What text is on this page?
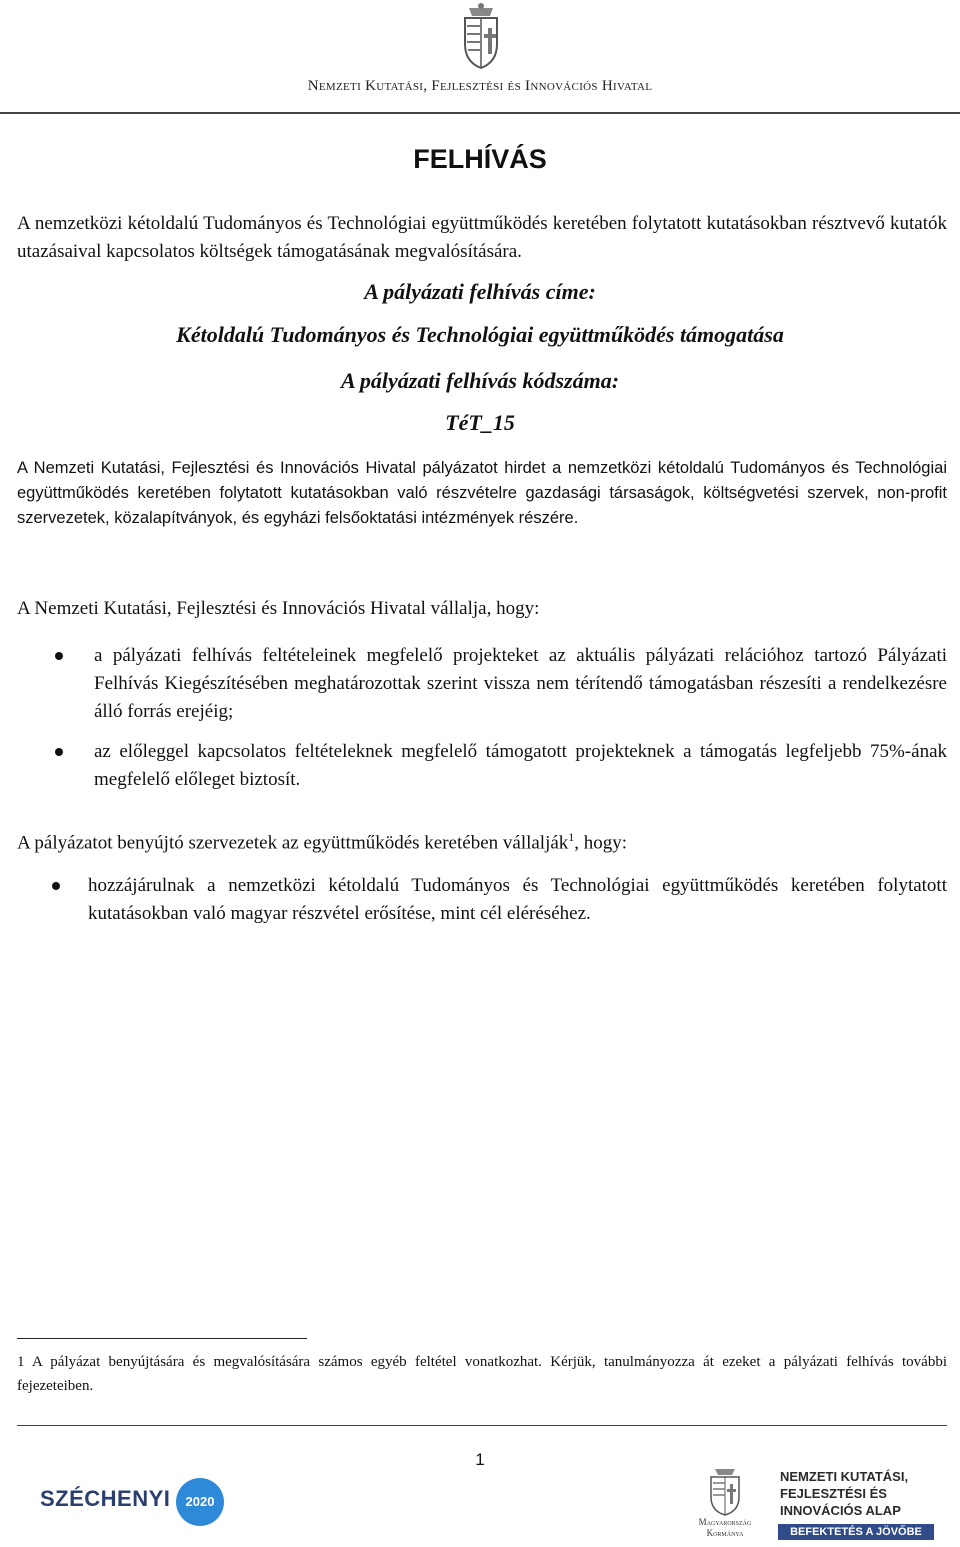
Nemzeti Kutatási, Fejlesztési és Innovációs Hivatal
FELHÍVÁS
A nemzetközi kétoldalú Tudományos és Technológiai együttműködés keretében folytatott kutatásokban résztvevő kutatók utazásaival kapcsolatos költségek támogatásának megvalósítására.
A pályázati felhívás címe:
Kétoldalú Tudományos és Technológiai együttműködés támogatása
A pályázati felhívás kódszáma:
TéT_15
A Nemzeti Kutatási, Fejlesztési és Innovációs Hivatal pályázatot hirdet a nemzetközi kétoldalú Tudományos és Technológiai együttműködés keretében folytatott kutatásokban való részvételre gazdasági társaságok, költségvetési szervek, non-profit szervezetek, közalapítványok, és egyházi felsőoktatási intézmények részére.
A Nemzeti Kutatási, Fejlesztési és Innovációs Hivatal vállalja, hogy:
a pályázati felhívás feltételeinek megfelelő projekteket az aktuális pályázati relációhoz tartozó Pályázati Felhívás Kiegészítésében meghatározottak szerint vissza nem térítendő támogatásban részesíti a rendelkezésre álló forrás erejéig;
az előleggel kapcsolatos feltételeknek megfelelő támogatott projekteknek a támogatás legfeljebb 75%-ának megfelelő előleget biztosít.
A pályázatot benyújtó szervezetek az együttműködés keretében vállalják$^1$, hogy:
hozzájárulnak a nemzetközi kétoldalú Tudományos és Technológiai együttműködés keretében folytatott kutatásokban való magyar részvétel erősítése, mint cél eléréséhez.
1 A pályázat benyújtására és megvalósítására számos egyéb feltétel vonatkozhat. Kérjük, tanulmányozza át ezeket a pályázati felhívás további fejezeteiben.
1
SZÉCHENYI	2020
Magyarország
Kormánya
NEMZETI KUTATÁSI,
FEJLESZTÉSI ÉS
INNOVÁCIÓS ALAP
BEFEKTETÉS A JÖVŐBE
